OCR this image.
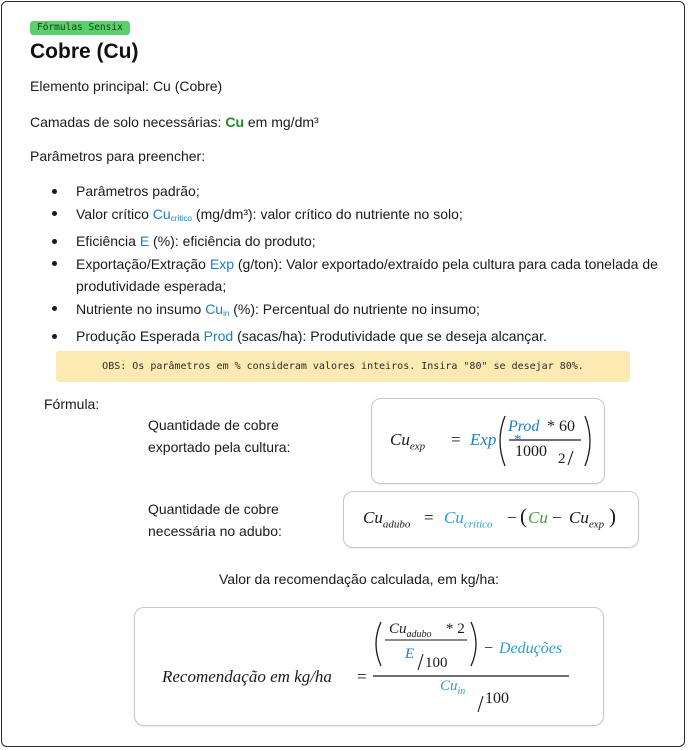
Fórmulas Sensix
Cobre (Cu)
Elemento principal: Cu (Cobre)
Camadas de solo necessárias: Cu em mg/dm³
Parâmetros para preencher:
Parâmetros padrão;
Valor crítico $Cu_{crítico}$ (mg/dm³): valor crítico do nutriente no solo;
Eficiência E (%): eficiência do produto;
Exportação/Extração Exp (g/ton): Valor exportado/extraído pela cultura para cada tonelada de produtividade esperada;
Nutriente no insumo $Cu_{in}$ (%): Percentual do nutriente no insumo;
Produção Esperada Prod (sacas/ha): Produtividade que se deseja alcançar.
OBS: Os parâmetros em % consideram valores inteiros. Insira "80" se desejar 80%.
Fórmula:
Quantidade de cobre
exportado pela cultura:	$Cu_{exp}$ = Exp *
Prod * 60
1000 2
Quantidade de cobre
necessária no adubo:
$Cu_{adubo} = Cu_{crítico}$ − ( $Cu - Cu_{exp}$ )
Valor da recomendação calculada, em kg/ha:
Recomendação em kg/ha =
$Cu_{adubo} * 2$
E
100
− Deduções
$Cu_{in}$ 100
